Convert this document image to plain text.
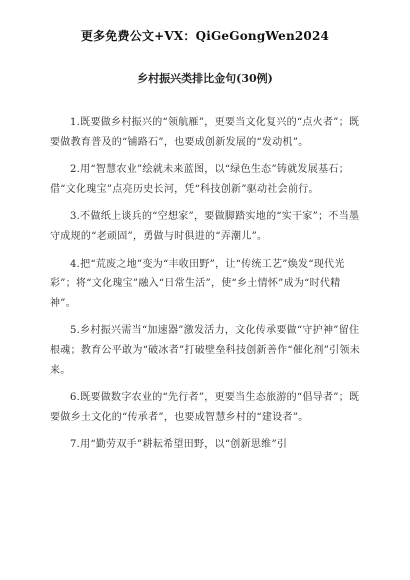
更多免费公文+VX：QiGeGongWen2024
乡村振兴类排比金句(30例)

1.既要做乡村振兴的“领航雁”，更要当文化复兴的“点火者”；既要做教育普及的“铺路石”，也要成创新发展的“发动机”。

2.用“智慧农业”绘就未来蓝图，以“绿色生态”铸就发展基石；借“文化瑰宝”点亮历史长河，凭“科技创新”驱动社会前行。

3.不做纸上谈兵的“空想家”，要做脚踏实地的“实干家”；不当墨守成规的“老顽固”，勇做与时俱进的“弄潮儿”。

4.把“荒废之地”变为“丰收田野”，让“传统工艺”焕发“现代光彩”；将“文化瑰宝”融入“日常生活”，使“乡土情怀”成为“时代精神”。

5.乡村振兴需当“加速器”激发活力，文化传承要做“守护神”留住根魂；教育公平敢为“破冰者”打破壁垒科技创新善作“催化剂”引领未来。

6.既要做数字农业的“先行者”，更要当生态旅游的“倡导者”；既要做乡土文化的“传承者”，也要成智慧乡村的“建设者”。

7.用“勤劳双手”耕耘希望田野，以“创新思维”引
